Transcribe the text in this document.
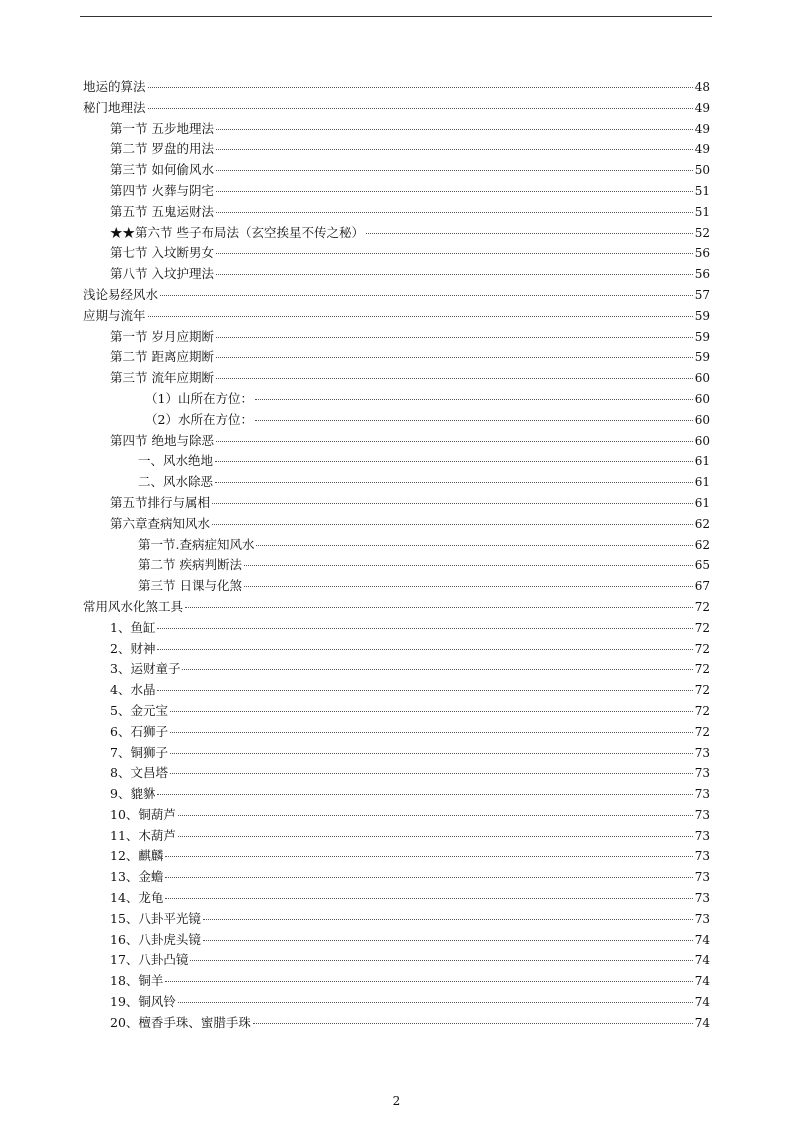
地运的算法	48
秘门地理法	49
第一节 五步地理法	49
第二节 罗盘的用法	49
第三节 如何偷风水	50
第四节 火葬与阴宅	51
第五节 五鬼运财法	51
★★第六节 些子布局法（玄空挨星不传之秘）	52
第七节 入坟断男女	56
第八节 入坟护理法	56
浅论易经风水	57
应期与流年	59
第一节 岁月应期断	59
第二节 距离应期断	59
第三节 流年应期断	60
（1）山所在方位：	60
（2）水所在方位：	60
第四节 绝地与除恶	60
一、风水绝地	61
二、风水除恶	61
第五节排行与属相	61
第六章查病知风水	62
第一节.查病症知风水	62
第二节 疾病判断法	65
第三节 日课与化煞	67
常用风水化煞工具	72
1、鱼缸	72
2、财神	72
3、运财童子	72
4、水晶	72
5、金元宝	72
6、石狮子	72
7、铜狮子	73
8、文昌塔	73
9、貔貅	73
10、铜葫芦	73
11、木葫芦	73
12、麒麟	73
13、金蟾	73
14、龙龟	73
15、八卦平光镜	73
16、八卦虎头镜	74
17、八卦凸镜	74
18、铜羊	74
19、铜风铃	74
20、檀香手珠、蜜腊手珠	74
2
